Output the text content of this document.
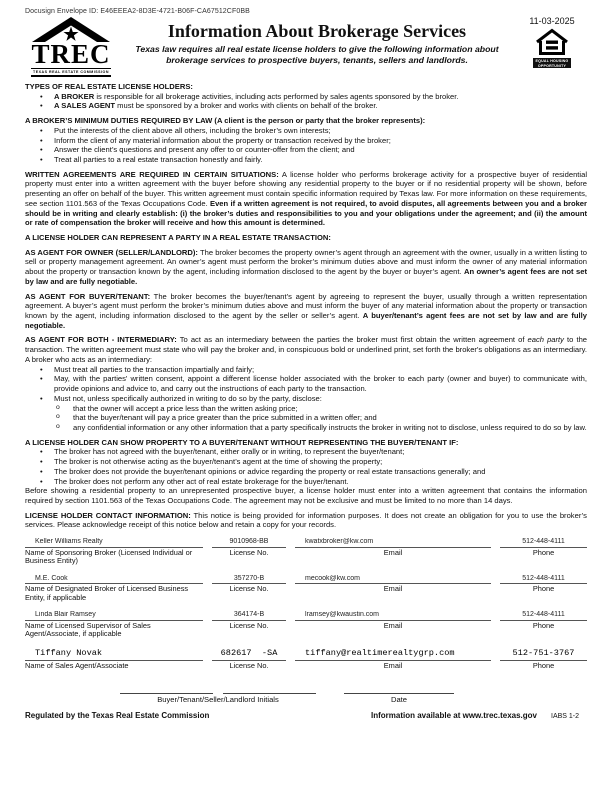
Docusign Envelope ID: E46EEEA2-8D3E-4721-B06F-CA67512CF0BB
TREC
TEXAS REAL ESTATE COMMISSION
Information About Brokerage Services
Texas law requires all real estate license holders to give the following information about brokerage services to prospective buyers, tenants, sellers and landlords.
11-03-2025
EQUAL HOUSING
OPPORTUNITY
TYPES OF REAL ESTATE LICENSE HOLDERS:
• A BROKER is responsible for all brokerage activities, including acts performed by sales agents sponsored by the broker.
• A SALES AGENT must be sponsored by a broker and works with clients on behalf of the broker.
A BROKER’S MINIMUM DUTIES REQUIRED BY LAW (A client is the person or party that the broker represents):
• Put the interests of the client above all others, including the broker’s own interests;
• Inform the client of any material information about the property or transaction received by the broker;
• Answer the client’s questions and present any offer to or counter-offer from the client; and
• Treat all parties to a real estate transaction honestly and fairly.

WRITTEN AGREEMENTS ARE REQUIRED IN CERTAIN SITUATIONS: A license holder who performs brokerage activity for a prospective buyer of residential property must enter into a written agreement with the buyer before showing any residential property to the buyer or if no residential property will be shown, before presenting an offer on behalf of the buyer. This written agreement must contain specific information required by Texas law. For more information on these requirements, see section 1101.563 of the Texas Occupations Code. Even if a written agreement is not required, to avoid disputes, all agreements between you and a broker should be in writing and clearly establish: (i) the broker’s duties and responsibilities to you and your obligations under the agreement; and (ii) the amount or rate of compensation the broker will receive and how this amount is determined.

A LICENSE HOLDER CAN REPRESENT A PARTY IN A REAL ESTATE TRANSACTION:

AS AGENT FOR OWNER (SELLER/LANDLORD): The broker becomes the property owner’s agent through an agreement with the owner, usually in a written listing to sell or property management agreement. An owner’s agent must perform the broker’s minimum duties above and must inform the owner of any material information about the property or transaction known by the agent, including information disclosed to the agent by the buyer or buyer’s agent. An owner’s agent fees are not set by law and are fully negotiable.

AS AGENT FOR BUYER/TENANT: The broker becomes the buyer/tenant’s agent by agreeing to represent the buyer, usually through a written representation agreement. A buyer’s agent must perform the broker’s minimum duties above and must inform the buyer of any material information about the property or transaction known by the agent, including information disclosed to the agent by the seller or seller’s agent. A buyer/tenant’s agent fees are not set by law and are fully negotiable.

AS AGENT FOR BOTH - INTERMEDIARY: To act as an intermediary between the parties the broker must first obtain the written agreement of each party to the transaction. The written agreement must state who will pay the broker and, in conspicuous bold or underlined print, set forth the broker's obligations as an intermediary. A broker who acts as an intermediary:

• Must treat all parties to the transaction impartially and fairly;
• May, with the parties' written consent, appoint a different license holder associated with the broker to each party (owner and buyer) to communicate with, provide opinions and advice to, and carry out the instructions of each party to the transaction.
• Must not, unless specifically authorized in writing to do so by the party, disclose:
o that the owner will accept a price less than the written asking price;
o that the buyer/tenant will pay a price greater than the price submitted in a written offer; and
o any confidential information or any other information that a party specifically instructs the broker in writing not to disclose, unless required to do so by law.
A LICENSE HOLDER CAN SHOW PROPERTY TO A BUYER/TENANT WITHOUT REPRESENTING THE BUYER/TENANT IF:
• The broker has not agreed with the buyer/tenant, either orally or in writing, to represent the buyer/tenant;
• The broker is not otherwise acting as the buyer/tenant’s agent at the time of showing the property;
• The broker does not provide the buyer/tenant opinions or advice regarding the property or real estate transactions generally; and
• The broker does not perform any other act of real estate brokerage for the buyer/tenant.

Before showing a residential property to an unrepresented prospective buyer, a license holder must enter into a written agreement that contains the information required by section 1101.563 of the Texas Occupations Code. The agreement may not be exclusive and must be limited to no more than 14 days.

LICENSE HOLDER CONTACT INFORMATION: This notice is being provided for information purposes. It does not create an obligation for you to use the broker’s services. Please acknowledge receipt of this notice below and retain a copy for your records.

Keller Williams Realty
Name of Sponsoring Broker (Licensed Individual or Business Entity)
9010968-BB
License No.
kwatxbroker@kw.com
Email
512-448-4111
Phone
M.E. Cook
Name of Designated Broker of Licensed Business Entity, if applicable
357270-B
License No.
mecook@kw.com
Email
512-448-4111
Phone
Linda Blair Ramsey
Name of Licensed Supervisor of Sales Agent/Associate, if applicable
364174-B
License No.
lramsey@kwaustin.com
Email
512-448-4111
Phone
Tiffany Novak
Name of Sales Agent/Associate
682617  -SA
License No.
tiffany@realtimerealtygrp.com
Email
512-751-3767
Phone
Buyer/Tenant/Seller/Landlord Initials	Date
Regulated by the Texas Real Estate Commission	Information available at www.trec.texas.gov IABS 1-2
